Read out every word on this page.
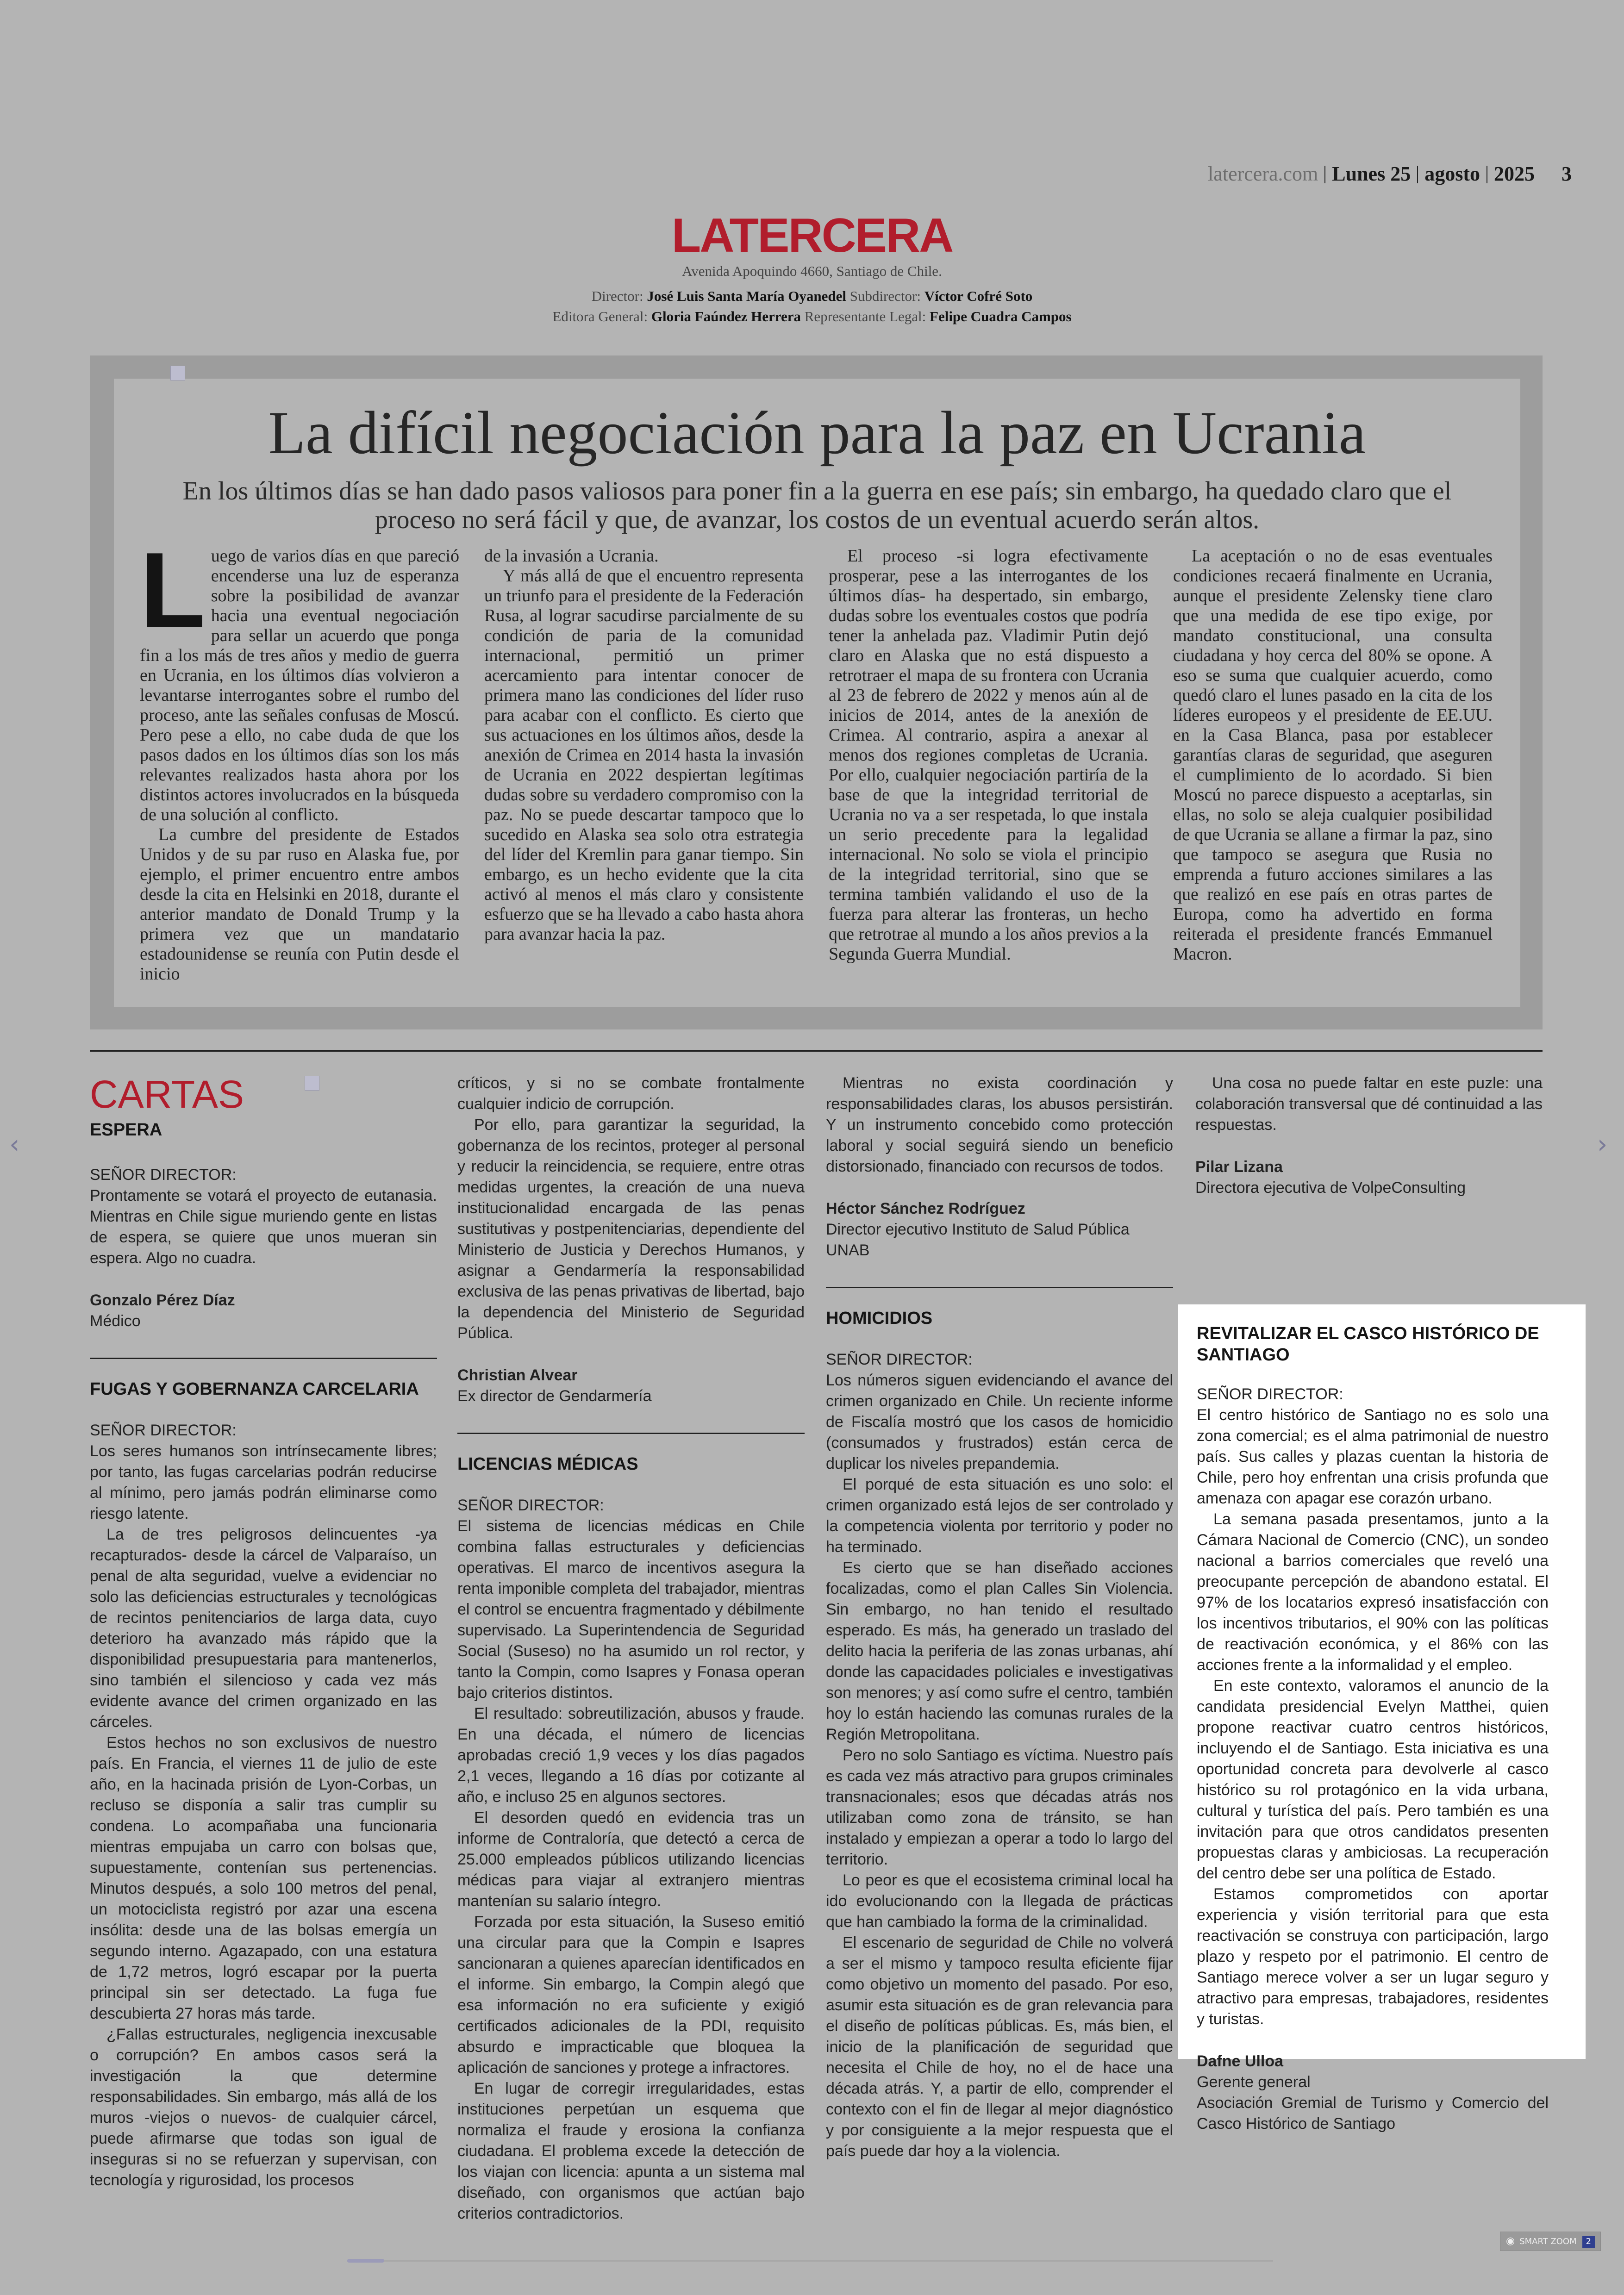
latercera.com Lunes 25 agosto 2025 3
LATERCERA
Avenida Apoquindo 4660, Santiago de Chile.
Director: José Luis Santa María Oyanedel Subdirector: Víctor Cofré Soto
Editora General: Gloria Faúndez Herrera Representante Legal: Felipe Cuadra Campos
La difícil negociación para la paz en Ucrania
En los últimos días se han dado pasos valiosos para poner fin a la guerra en ese país; sin embargo, ha quedado claro que el proceso no será fácil y que, de avanzar, los costos de un eventual acuerdo serán altos.

Luego de varios días en que pareció encenderse una luz de esperanza sobre la posibilidad de avanzar hacia una eventual negociación para sellar un acuerdo que ponga fin a los más de tres años y medio de guerra en Ucrania, en los últimos días volvieron a levantarse interrogantes sobre el rumbo del proceso, ante las señales confusas de Moscú. Pero pese a ello, no cabe duda de que los pasos dados en los últimos días son los más relevantes realizados hasta ahora por los distintos actores involucrados en la búsqueda de una solución al conflicto.

La cumbre del presidente de Estados Unidos y de su par ruso en Alaska fue, por ejemplo, el primer encuentro entre ambos desde la cita en Helsinki en 2018, durante el anterior mandato de Donald Trump y la primera vez que un mandatario estadounidense se reunía con Putin desde el inicio

de la invasión a Ucrania.

Y más allá de que el encuentro representa un triunfo para el presidente de la Federación Rusa, al lograr sacudirse parcialmente de su condición de paria de la comunidad internacional, permitió un primer acercamiento para intentar conocer de primera mano las condiciones del líder ruso para acabar con el conflicto. Es cierto que sus actuaciones en los últimos años, desde la anexión de Crimea en 2014 hasta la invasión de Ucrania en 2022 despiertan legítimas dudas sobre su verdadero compromiso con la paz. No se puede descartar tampoco que lo sucedido en Alaska sea solo otra estrategia del líder del Kremlin para ganar tiempo. Sin embargo, es un hecho evidente que la cita activó al menos el más claro y consistente esfuerzo que se ha llevado a cabo hasta ahora para avanzar hacia la paz.

El proceso -si logra efectivamente prosperar, pese a las interrogantes de los últimos días- ha despertado, sin embargo, dudas sobre los eventuales costos que podría tener la anhelada paz. Vladimir Putin dejó claro en Alaska que no está dispuesto a retrotraer el mapa de su frontera con Ucrania al 23 de febrero de 2022 y menos aún al de inicios de 2014, antes de la anexión de Crimea. Al contrario, aspira a anexar al menos dos regiones completas de Ucrania. Por ello, cualquier negociación partiría de la base de que la integridad territorial de Ucrania no va a ser respetada, lo que instala un serio precedente para la legalidad internacional. No solo se viola el principio de la integridad territorial, sino que se termina también validando el uso de la fuerza para alterar las fronteras, un hecho que retrotrae al mundo a los años previos a la Segunda Guerra Mundial.

La aceptación o no de esas eventuales condiciones recaerá finalmente en Ucrania, aunque el presidente Zelensky tiene claro que una medida de ese tipo exige, por mandato constitucional, una consulta ciudadana y hoy cerca del 80% se opone. A eso se suma que cualquier acuerdo, como quedó claro el lunes pasado en la cita de los líderes europeos y el presidente de EE.UU. en la Casa Blanca, pasa por establecer garantías claras de seguridad, que aseguren el cumplimiento de lo acordado. Si bien Moscú no parece dispuesto a aceptarlas, sin ellas, no solo se aleja cualquier posibilidad de que Ucrania se allane a firmar la paz, sino que tampoco se asegura que Rusia no emprenda a futuro acciones similares a las que realizó en ese país en otras partes de Europa, como ha advertido en forma reiterada el presidente francés Emmanuel Macron.

CARTAS
ESPERA

SEÑOR DIRECTOR:

Prontamente se votará el proyecto de eutanasia. Mientras en Chile sigue muriendo gente en listas de espera, se quiere que unos mueran sin espera. Algo no cuadra.

Gonzalo Pérez Díaz

Médico

FUGAS Y GOBERNANZA CARCELARIA

SEÑOR DIRECTOR:

Los seres humanos son intrínsecamente libres; por tanto, las fugas carcelarias podrán reducirse al mínimo, pero jamás podrán eliminarse como riesgo latente.

La de tres peligrosos delincuentes -ya recapturados- desde la cárcel de Valparaíso, un penal de alta seguridad, vuelve a evidenciar no solo las deficiencias estructurales y tecnológicas de recintos penitenciarios de larga data, cuyo deterioro ha avanzado más rápido que la disponibilidad presupuestaria para mantenerlos, sino también el silencioso y cada vez más evidente avance del crimen organizado en las cárceles.

Estos hechos no son exclusivos de nuestro país. En Francia, el viernes 11 de julio de este año, en la hacinada prisión de Lyon-Corbas, un recluso se disponía a salir tras cumplir su condena. Lo acompañaba una funcionaria mientras empujaba un carro con bolsas que, supuestamente, contenían sus pertenencias. Minutos después, a solo 100 metros del penal, un motociclista registró por azar una escena insólita: desde una de las bolsas emergía un segundo interno. Agazapado, con una estatura de 1,72 metros, logró escapar por la puerta principal sin ser detectado. La fuga fue descubierta 27 horas más tarde.

¿Fallas estructurales, negligencia inexcusable o corrupción? En ambos casos será la investigación la que determine responsabilidades. Sin embargo, más allá de los muros -viejos o nuevos- de cualquier cárcel, puede afirmarse que todas son igual de inseguras si no se refuerzan y supervisan, con tecnología y rigurosidad, los procesos

críticos, y si no se combate frontalmente cualquier indicio de corrupción.

Por ello, para garantizar la seguridad, la gobernanza de los recintos, proteger al personal y reducir la reincidencia, se requiere, entre otras medidas urgentes, la creación de una nueva institucionalidad encargada de las penas sustitutivas y postpenitenciarias, dependiente del Ministerio de Justicia y Derechos Humanos, y asignar a Gendarmería la responsabilidad exclusiva de las penas privativas de libertad, bajo la dependencia del Ministerio de Seguridad Pública.

Christian Alvear

Ex director de Gendarmería

LICENCIAS MÉDICAS

SEÑOR DIRECTOR:

El sistema de licencias médicas en Chile combina fallas estructurales y deficiencias operativas. El marco de incentivos asegura la renta imponible completa del trabajador, mientras el control se encuentra fragmentado y débilmente supervisado. La Superintendencia de Seguridad Social (Suseso) no ha asumido un rol rector, y tanto la Compin, como Isapres y Fonasa operan bajo criterios distintos.

El resultado: sobreutilización, abusos y fraude. En una década, el número de licencias aprobadas creció 1,9 veces y los días pagados 2,1 veces, llegando a 16 días por cotizante al año, e incluso 25 en algunos sectores.

El desorden quedó en evidencia tras un informe de Contraloría, que detectó a cerca de 25.000 empleados públicos utilizando licencias médicas para viajar al extranjero mientras mantenían su salario íntegro.

Forzada por esta situación, la Suseso emitió una circular para que la Compin e Isapres sancionaran a quienes aparecían identificados en el informe. Sin embargo, la Compin alegó que esa información no era suficiente y exigió certificados adicionales de la PDI, requisito absurdo e impracticable que bloquea la aplicación de sanciones y protege a infractores.

En lugar de corregir irregularidades, estas instituciones perpetúan un esquema que normaliza el fraude y erosiona la confianza ciudadana. El problema excede la detección de los viajan con licencia: apunta a un sistema mal diseñado, con organismos que actúan bajo criterios contradictorios.

Mientras no exista coordinación y responsabilidades claras, los abusos persistirán. Y un instrumento concebido como protección laboral y social seguirá siendo un beneficio distorsionado, financiado con recursos de todos.

Héctor Sánchez Rodríguez

Director ejecutivo Instituto de Salud Pública

UNAB

HOMICIDIOS

SEÑOR DIRECTOR:

Los números siguen evidenciando el avance del crimen organizado en Chile. Un reciente informe de Fiscalía mostró que los casos de homicidio (consumados y frustrados) están cerca de duplicar los niveles prepandemia.

El porqué de esta situación es uno solo: el crimen organizado está lejos de ser controlado y la competencia violenta por territorio y poder no ha terminado.

Es cierto que se han diseñado acciones focalizadas, como el plan Calles Sin Violencia. Sin embargo, no han tenido el resultado esperado. Es más, ha generado un traslado del delito hacia la periferia de las zonas urbanas, ahí donde las capacidades policiales e investigativas son menores; y así como sufre el centro, también hoy lo están haciendo las comunas rurales de la Región Metropolitana.

Pero no solo Santiago es víctima. Nuestro país es cada vez más atractivo para grupos criminales transnacionales; esos que décadas atrás nos utilizaban como zona de tránsito, se han instalado y empiezan a operar a todo lo largo del territorio.

Lo peor es que el ecosistema criminal local ha ido evolucionando con la llegada de prácticas que han cambiado la forma de la criminalidad.

El escenario de seguridad de Chile no volverá a ser el mismo y tampoco resulta eficiente fijar como objetivo un momento del pasado. Por eso, asumir esta situación es de gran relevancia para el diseño de políticas públicas. Es, más bien, el inicio de la planificación de seguridad que necesita el Chile de hoy, no el de hace una década atrás. Y, a partir de ello, comprender el contexto con el fin de llegar al mejor diagnóstico y por consiguiente a la mejor respuesta que el país puede dar hoy a la violencia.

Una cosa no puede faltar en este puzle: una colaboración transversal que dé continuidad a las respuestas.

Pilar Lizana

Directora ejecutiva de VolpeConsulting

REVITALIZAR EL CASCO HISTÓRICO DE SANTIAGO

SEÑOR DIRECTOR:

El centro histórico de Santiago no es solo una zona comercial; es el alma patrimonial de nuestro país. Sus calles y plazas cuentan la historia de Chile, pero hoy enfrentan una crisis profunda que amenaza con apagar ese corazón urbano.

La semana pasada presentamos, junto a la Cámara Nacional de Comercio (CNC), un sondeo nacional a barrios comerciales que reveló una preocupante percepción de abandono estatal. El 97% de los locatarios expresó insatisfacción con los incentivos tributarios, el 90% con las políticas de reactivación económica, y el 86% con las acciones frente a la informalidad y el empleo.

En este contexto, valoramos el anuncio de la candidata presidencial Evelyn Matthei, quien propone reactivar cuatro centros históricos, incluyendo el de Santiago. Esta iniciativa es una oportunidad concreta para devolverle al casco histórico su rol protagónico en la vida urbana, cultural y turística del país. Pero también es una invitación para que otros candidatos presenten propuestas claras y ambiciosas. La recuperación del centro debe ser una política de Estado.

Estamos comprometidos con aportar experiencia y visión territorial para que esta reactivación se construya con participación, largo plazo y respeto por el patrimonio. El centro de Santiago merece volver a ser un lugar seguro y atractivo para empresas, trabajadores, residentes y turistas.

Dafne Ulloa

Gerente general

Asociación Gremial de Turismo y Comercio del Casco Histórico de Santiago

‹	›
◉ SMART ZOOM 2
